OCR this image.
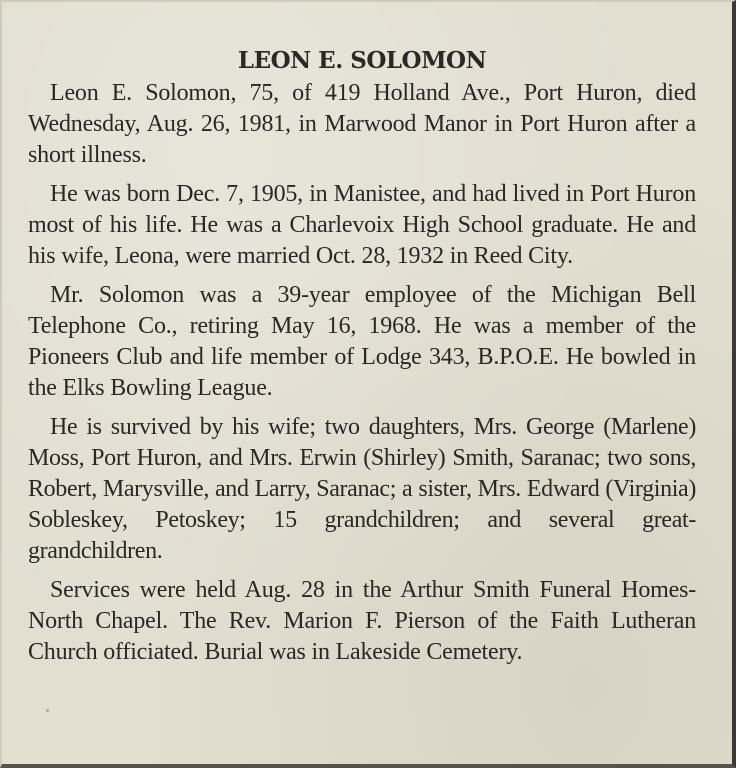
LEON E. SOLOMON

Leon E. Solomon, 75, of 419 Holland Ave., Port Huron, died Wednesday, Aug. 26, 1981, in Marwood Manor in Port Huron after a short illness.

He was born Dec. 7, 1905, in Manistee, and had lived in Port Huron most of his life. He was a Charlevoix High School graduate. He and his wife, Leona, were married Oct. 28, 1932 in Reed City.

Mr. Solomon was a 39-year employee of the Michigan Bell Telephone Co., retiring May 16, 1968. He was a member of the Pioneers Club and life member of Lodge 343, B.P.O.E. He bowled in the Elks Bowling League.

He is survived by his wife; two daughters, Mrs. George (Marlene) Moss, Port Huron, and Mrs. Erwin (Shirley) Smith, Saranac; two sons, Robert, Marysville, and Larry, Saranac; a sister, Mrs. Edward (Virginia) Sobleskey, Petoskey; 15 grandchildren; and several great-grandchildren.

Services were held Aug. 28 in the Arthur Smith Funeral Homes-North Chapel. The Rev. Marion F. Pierson of the Faith Lutheran Church officiated. Burial was in Lakeside Cemetery.
